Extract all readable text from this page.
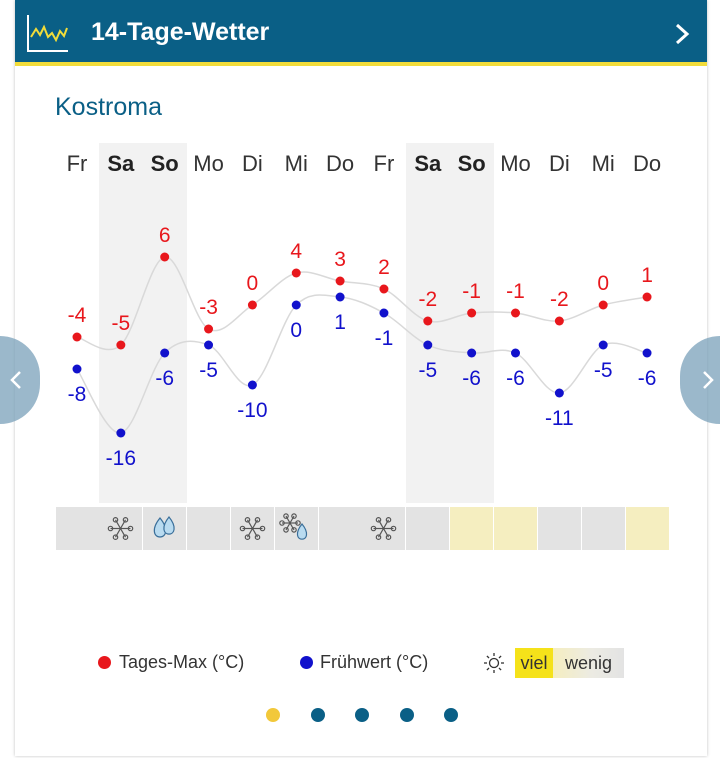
14-Tage-Wetter
Kostroma
Fr Sa So Mo Di Mi Do Fr Sa So Mo Di Mi Do
-4 -5
6
-3
0
4 3 2
-2 -1 -1 -2
0 1
-8
-16
-6 -5
-10
0 1
-1
-5 -6 -6
-11
-5 -6
Tages-Max (°C)	Frühwert (°C)	viel wenig
